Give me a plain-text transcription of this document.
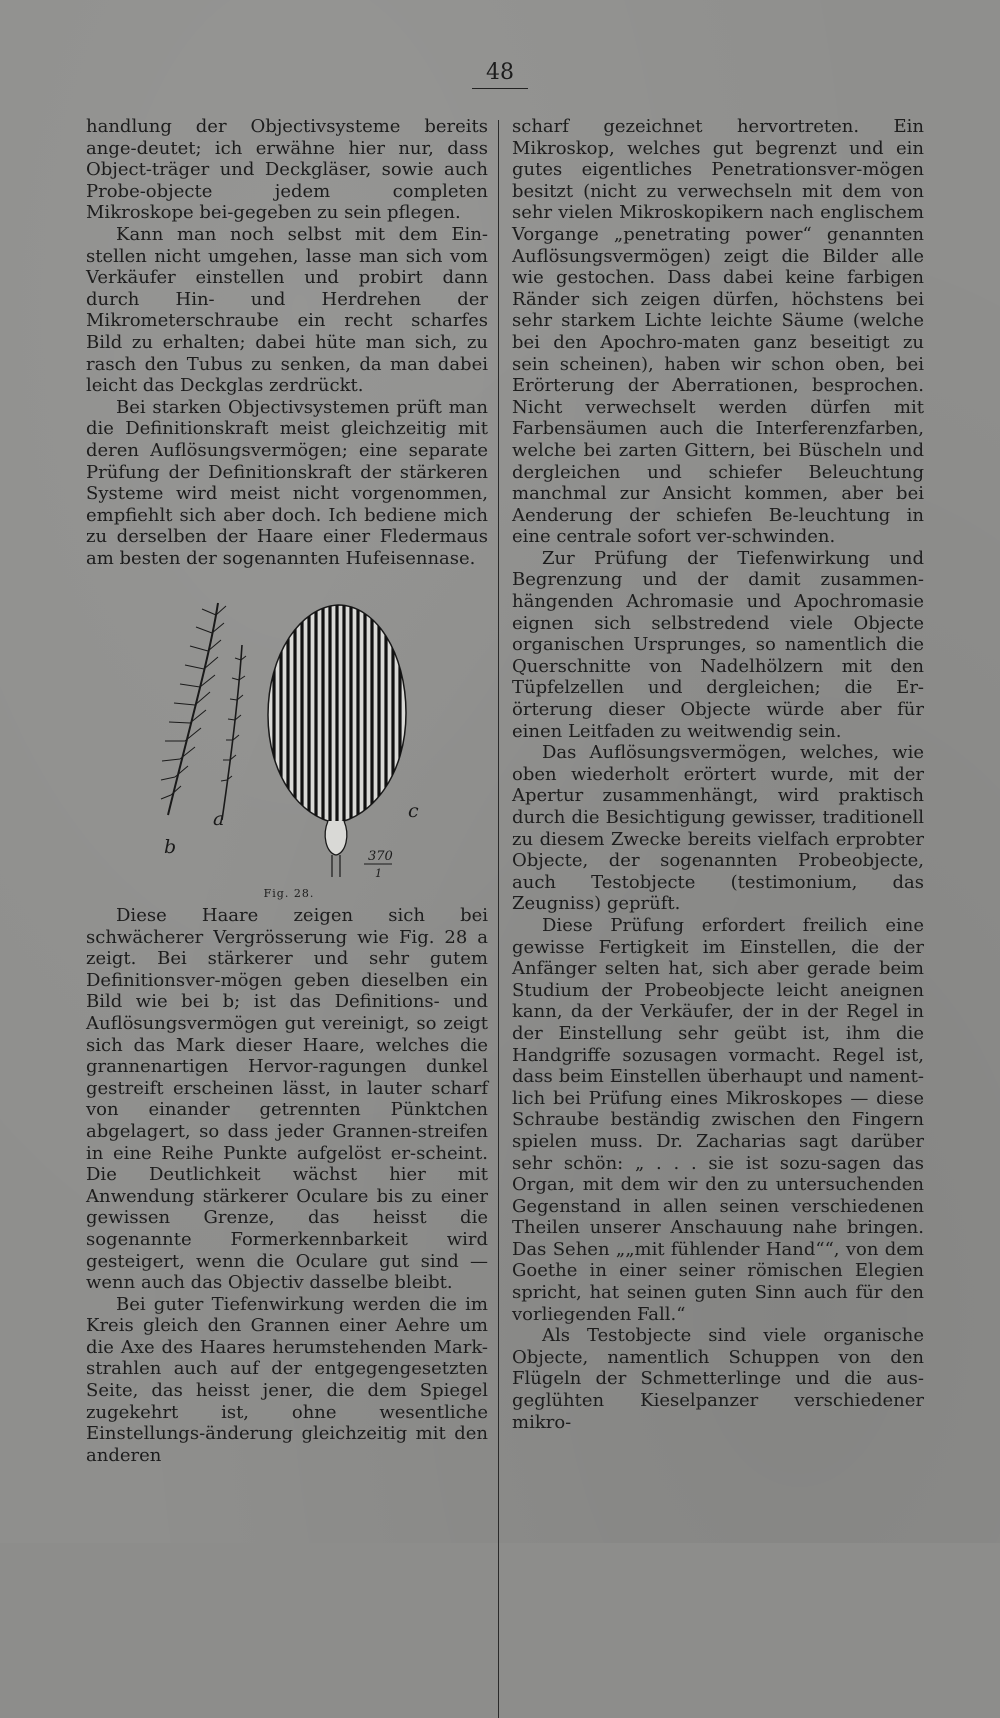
48

handlung der Objectivsysteme bereits ange-deutet; ich erwähne hier nur, dass Object-träger und Deckgläser, sowie auch Probe-objecte jedem completen Mikroskope bei-gegeben zu sein pflegen.

Kann man noch selbst mit dem Ein-stellen nicht umgehen, lasse man sich vom Verkäufer einstellen und probirt dann durch Hin- und Herdrehen der Mikrometerschraube ein recht scharfes Bild zu erhalten; dabei hüte man sich, zu rasch den Tubus zu senken, da man dabei leicht das Deckglas zerdrückt.

Bei starken Objectivsystemen prüft man die Definitionskraft meist gleichzeitig mit deren Auflösungsvermögen; eine separate Prüfung der Definitionskraft der stärkeren Systeme wird meist nicht vorgenommen, empfiehlt sich aber doch. Ich bediene mich zu derselben der Haare einer Fledermaus am besten der sogenannten Hufeisennase.

b
a	c
370
1
Fig. 28.

Diese Haare zeigen sich bei schwächerer Vergrösserung wie Fig. 28 a zeigt. Bei stärkerer und sehr gutem Definitionsver-mögen geben dieselben ein Bild wie bei b; ist das Definitions- und Auflösungsvermögen gut vereinigt, so zeigt sich das Mark dieser Haare, welches die grannenartigen Hervor-ragungen dunkel gestreift erscheinen lässt, in lauter scharf von einander getrennten Pünktchen abgelagert, so dass jeder Grannen-streifen in eine Reihe Punkte aufgelöst er-scheint. Die Deutlichkeit wächst hier mit Anwendung stärkerer Oculare bis zu einer gewissen Grenze, das heisst die sogenannte Formerkennbarkeit wird gesteigert, wenn die Oculare gut sind — wenn auch das Objectiv dasselbe bleibt.

Bei guter Tiefenwirkung werden die im Kreis gleich den Grannen einer Aehre um die Axe des Haares herumstehenden Mark-strahlen auch auf der entgegengesetzten Seite, das heisst jener, die dem Spiegel zugekehrt ist, ohne wesentliche Einstellungs-änderung gleichzeitig mit den anderen

scharf gezeichnet hervortreten. Ein Mikroskop, welches gut begrenzt und ein gutes eigentliches Penetrationsver-mögen besitzt (nicht zu verwechseln mit dem von sehr vielen Mikroskopikern nach englischem Vorgange „penetrating power“ genannten Auflösungsvermögen) zeigt die Bilder alle wie gestochen. Dass dabei keine farbigen Ränder sich zeigen dürfen, höchstens bei sehr starkem Lichte leichte Säume (welche bei den Apochro-maten ganz beseitigt zu sein scheinen), haben wir schon oben, bei Erörterung der Aberrationen, besprochen. Nicht verwechselt werden dürfen mit Farbensäumen auch die Interferenzfarben, welche bei zarten Gittern, bei Büscheln und dergleichen und schiefer Beleuchtung manchmal zur Ansicht kommen, aber bei Aenderung der schiefen Be-leuchtung in eine centrale sofort ver-schwinden.

Zur Prüfung der Tiefenwirkung und Begrenzung und der damit zusammen-hängenden Achromasie und Apochromasie eignen sich selbstredend viele Objecte organischen Ursprunges, so namentlich die Querschnitte von Nadelhölzern mit den Tüpfelzellen und dergleichen; die Er-örterung dieser Objecte würde aber für einen Leitfaden zu weitwendig sein.

Das Auflösungsvermögen, welches, wie oben wiederholt erörtert wurde, mit der Apertur zusammenhängt, wird praktisch durch die Besichtigung gewisser, traditionell zu diesem Zwecke bereits vielfach erprobter Objecte, der sogenannten Probeobjecte, auch Testobjecte (testimonium, das Zeugniss) geprüft.

Diese Prüfung erfordert freilich eine gewisse Fertigkeit im Einstellen, die der Anfänger selten hat, sich aber gerade beim Studium der Probeobjecte leicht aneignen kann, da der Verkäufer, der in der Regel in der Einstellung sehr geübt ist, ihm die Handgriffe sozusagen vormacht. Regel ist, dass beim Einstellen überhaupt und nament-lich bei Prüfung eines Mikroskopes — diese Schraube beständig zwischen den Fingern spielen muss. Dr. Zacharias sagt darüber sehr schön: „ . . . sie ist sozu-sagen das Organ, mit dem wir den zu untersuchenden Gegenstand in allen seinen verschiedenen Theilen unserer Anschauung nahe bringen. Das Sehen „„mit fühlender Hand““, von dem Goethe in einer seiner römischen Elegien spricht, hat seinen guten Sinn auch für den vorliegenden Fall.“

Als Testobjecte sind viele organische Objecte, namentlich Schuppen von den Flügeln der Schmetterlinge und die aus-geglühten Kieselpanzer verschiedener mikro-
